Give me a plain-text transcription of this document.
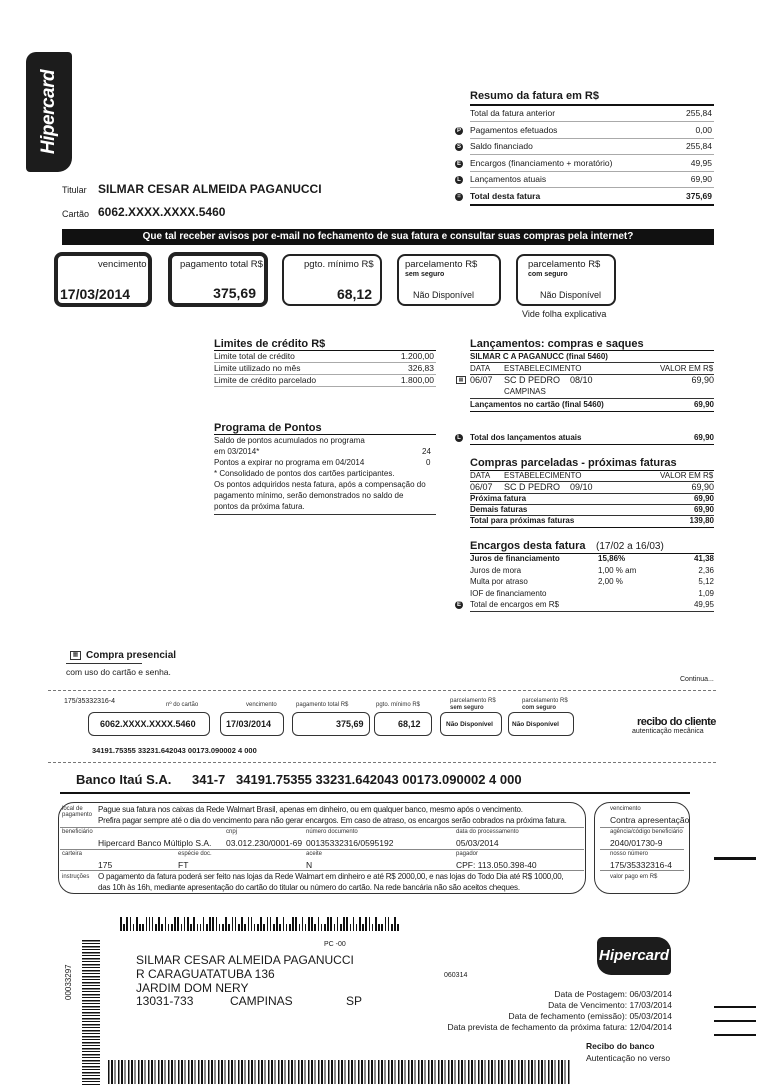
Hipercard	Resumo da fatura em R$
Total da fatura anterior	255,84
P Pagamentos efetuados	0,00
S Saldo financiado	255,84
E Encargos (financiamento + moratório)	49,95
L Lançamentos atuais	69,90
= Total desta fatura	375,69
Titular SILMAR CESAR ALMEIDA PAGANUCCI
Cartão 6062.XXXX.XXXX.5460
Que tal receber avisos por e-mail no fechamento de sua fatura e consultar suas compras pela internet?
vencimento
17/03/2014
pagamento total R$
375,69
pgto. mínimo R$
68,12
parcelamento R$
sem seguro
Não Disponível
parcelamento R$
com seguro
Não Disponível
Vide folha explicativa
Limites de crédito R$
Limite total de crédito	1.200,00
Limite utilizado no mês	326,83
Limite de crédito parcelado	1.800,00
Programa de Pontos
Saldo de pontos acumulados no programa
em 03/2014*	24
Pontos a expirar no programa em 04/2014	0
* Consolidado de pontos dos cartões participantes.
Os pontos adquiridos nesta fatura, após a compensação do
pagamento mínimo, serão demonstrados no saldo de
pontos da próxima fatura.
Lançamentos: compras e saques
SILMAR C A PAGANUCC (final 5460)
DATA ESTABELECIMENTO	VALOR EM R$
▦ 06/07 SC D PEDRO 08/10
CAMPINAS
69,90
Lançamentos no cartão (final 5460)	69,90
L Total dos lançamentos atuais	69,90
Compras parceladas - próximas faturas
DATA ESTABELECIMENTO	VALOR EM R$
06/07 SC D PEDRO 09/10	69,90
Próxima fatura	69,90
Demais faturas	69,90
Total para próximas faturas	139,80
Encargos desta fatura (17/02 a 16/03)
Juros de financiamento	15,86%	41,38
Juros de mora	1,00 % am	2,36
Multa por atraso	2,00 %	5,12
IOF de financiamento	1,09
E Total de encargos em R$	49,95
▦ Compra presencial
com uso do cartão e senha.
Continua...
175/35332316-4	nº do cartão	vencimento	pagamento total R$	pgto. mínimo R$
parcelamento R$
sem seguro
parcelamento R$
com seguro
6062.XXXX.XXXX.5460	17/03/2014	375,69	68,12	Não Disponível	Não Disponível	recibo do cliente
autenticação mecânica
34191.75355 33231.642043 00173.090002 4 000
Banco Itaú S.A. 341-7 34191.75355 33231.642043 00173.090002 4 000
local de pagamento
Pague sua fatura nos caixas da Rede Walmart Brasil, apenas em dinheiro, ou em qualquer banco, mesmo após o vencimento.
Prefira pagar sempre até o dia do vencimento para não gerar encargos. Em caso de atraso, os encargos serão cobrados na próxima fatura.
beneficiário
Hipercard Banco Múltiplo S.A.
cnpj
03.012.230/0001-69
número documento
00135332316/0595192
data do processamento
05/03/2014
carteira
175
espécie doc.
FT
aceite
N
pagador
CPF: 113.050.398-40
instruções O pagamento da fatura poderá ser feito nas lojas da Rede Walmart em dinheiro e até R$ 2000,00, e nas lojas do Todo Dia até R$ 1000,00,
das 10h às 16h, mediante apresentação do cartão do titular ou número do cartão. Na rede bancária não são aceitos cheques.
vencimento
Contra apresentação
agência/código beneficiário
2040/01730-9
nosso número
175/35332316-4
valor pago em R$
PC -00
00033297
SILMAR CESAR ALMEIDA PAGANUCCI
R CARAGUATATUBA 136
JARDIM DOM NERY
13031-733	CAMPINAS	SP
060314
Hipercard
Data de Postagem: 06/03/2014
Data de Vencimento: 17/03/2014
Data de fechamento (emissão): 05/03/2014
Data prevista de fechamento da próxima fatura: 12/04/2014
Recibo do banco
Autenticação no verso
